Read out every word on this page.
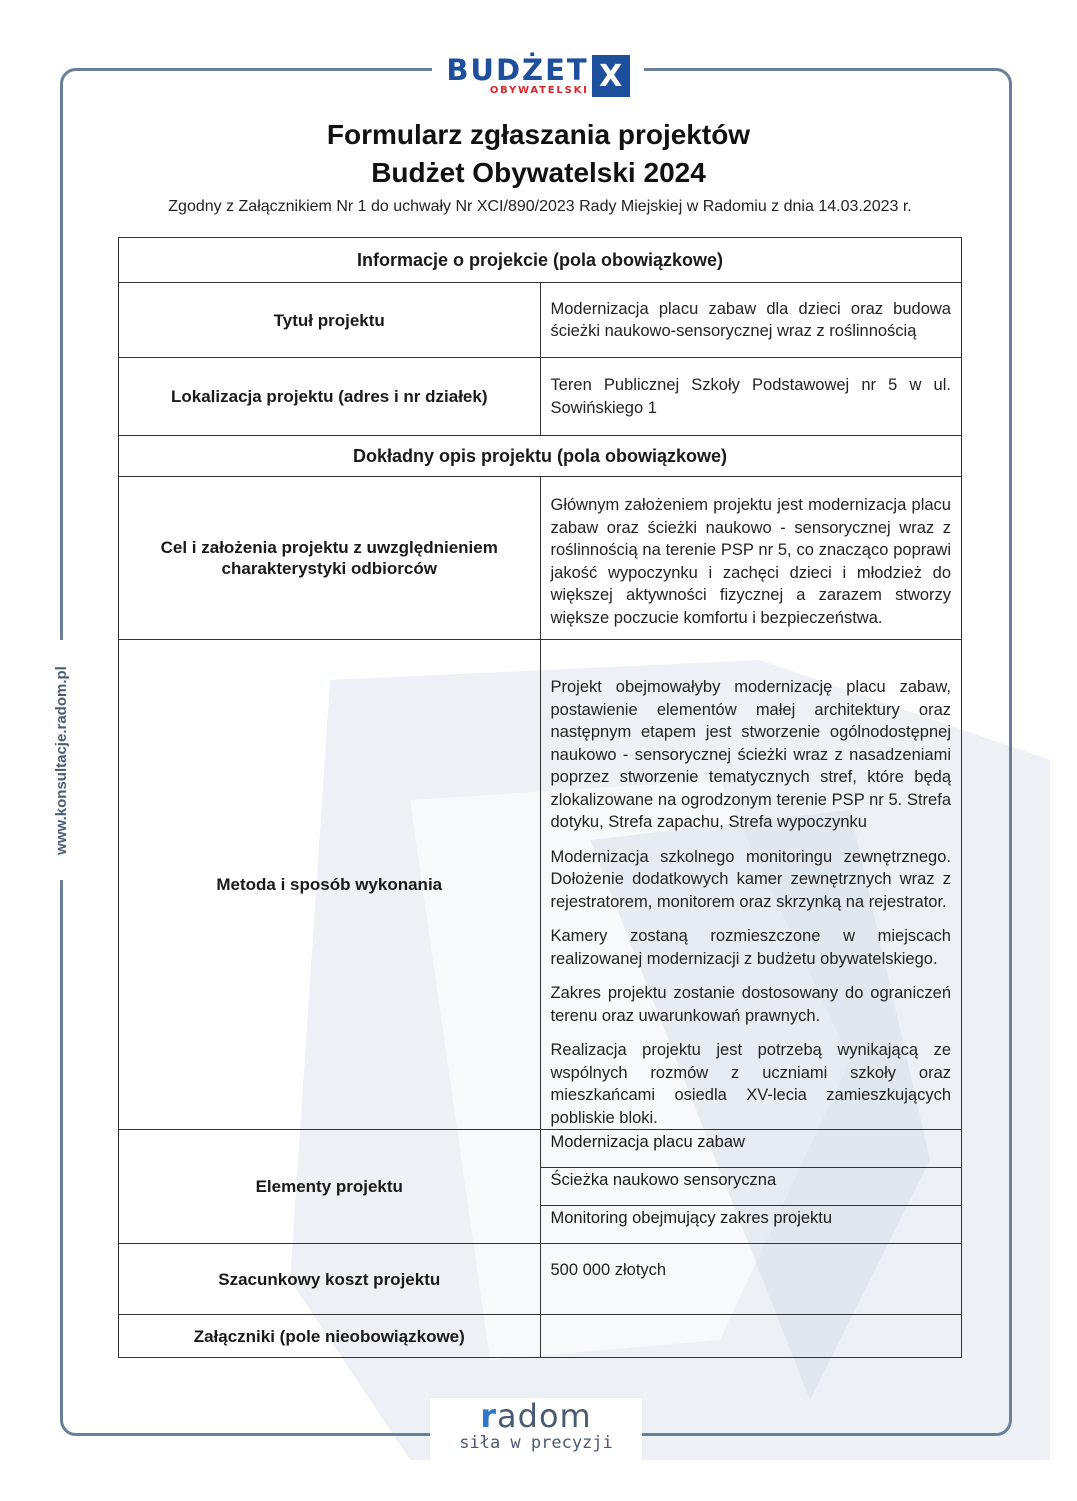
BUDŻET
OBYWATELSKI X
www.konsultacje.radom.pl
Formularz zgłaszania projektów
Budżet Obywatelski 2024
Zgodny z Załącznikiem Nr 1 do uchwały Nr XCI/890/2023 Rady Miejskiej w Radomiu z dnia 14.03.2023 r.
Informacje o projekcie (pola obowiązkowe)	
Tytuł projektu	Modernizacja placu zabaw dla dzieci oraz budowa ścieżki naukowo-sensorycznej wraz z roślinnością
Lokalizacja projektu (adres i nr działek)	Teren Publicznej Szkoły Podstawowej nr 5 w ul. Sowińskiego 1
Dokładny opis projektu (pola obowiązkowe)	
Cel i założenia projektu z uwzględnieniem charakterystyki odbiorców	Głównym założeniem projektu jest modernizacja placu zabaw oraz ścieżki naukowo - sensorycznej wraz z roślinnością na terenie PSP nr 5, co znacząco poprawi jakość wypoczynku i zachęci dzieci i młodzież do większej aktywności fizycznej a zarazem stworzy większe poczucie komfortu i bezpieczeństwa.
Metoda i sposób wykonania	Projekt obejmowałyby modernizację placu zabaw, postawienie elementów małej architektury oraz następnym etapem jest stworzenie ogólnodostępnej naukowo - sensorycznej ścieżki wraz z nasadzeniami poprzez stworzenie tematycznych stref, które będą zlokalizowane na ogrodzonym terenie PSP nr 5. Strefa dotyku, Strefa zapachu, Strefa wypoczynku

Modernizacja szkolnego monitoringu zewnętrznego. Dołożenie dodatkowych kamer zewnętrznych wraz z rejestratorem, monitorem oraz skrzynką na rejestrator.

Kamery zostaną rozmieszczone w miejscach realizowanej modernizacji z budżetu obywatelskiego.

Zakres projektu zostanie dostosowany do ograniczeń terenu oraz uwarunkowań prawnych.

Realizacja projektu jest potrzebą wynikającą ze wspólnych rozmów z uczniami szkoły oraz mieszkańcami osiedla XV-lecia zamieszkujących pobliskie bloki.

Elementy projektu	Modernizacja placu zabaw
	Ścieżka naukowo sensoryczna
	Monitoring obejmujący zakres projektu
Szacunkowy koszt projektu	500 000 złotych
Załączniki (pole nieobowiązkowe)	
radom
siła w precyzji
